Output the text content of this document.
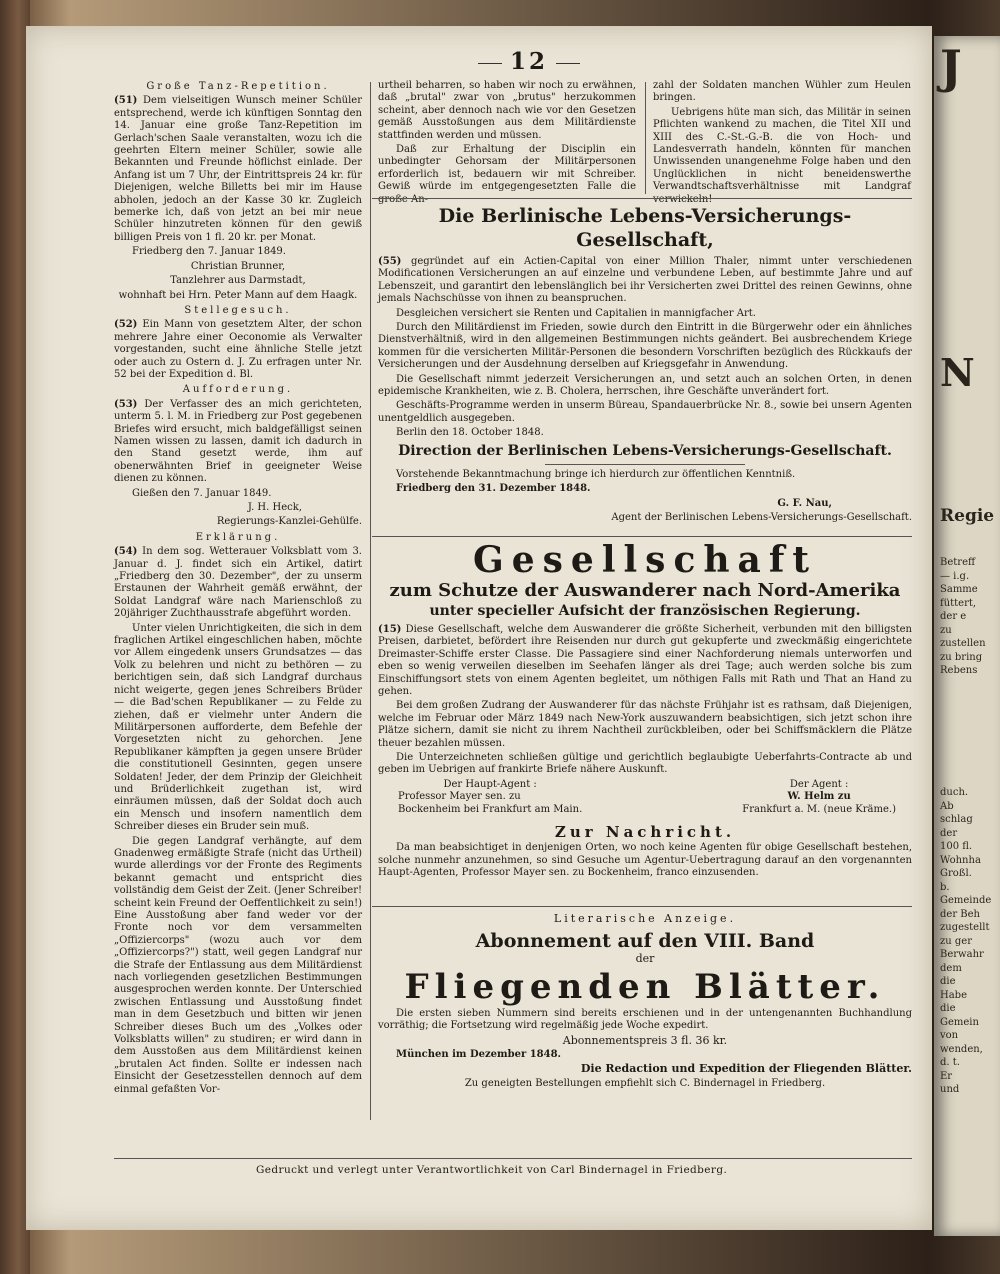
12

Große Tanz-Repetition.

(51) Dem vielseitigen Wunsch meiner Schüler entsprechend, werde ich künftigen Sonntag den 14. Januar eine große Tanz-Repetition im Gerlach'schen Saale veranstalten, wozu ich die geehrten Eltern meiner Schüler, sowie alle Bekannten und Freunde höflichst einlade. Der Anfang ist um 7 Uhr, der Eintrittspreis 24 kr. für Diejenigen, welche Billetts bei mir im Hause abholen, jedoch an der Kasse 30 kr. Zugleich bemerke ich, daß von jetzt an bei mir neue Schüler hinzutreten können für den gewiß billigen Preis von 1 fl. 20 kr. per Monat.

Friedberg den 7. Januar 1849.

Christian Brunner,

Tanzlehrer aus Darmstadt,

wohnhaft bei Hrn. Peter Mann auf dem Haagk.

Stellegesuch.

(52) Ein Mann von gesetztem Alter, der schon mehrere Jahre einer Oeconomie als Verwalter vorgestanden, sucht eine ähnliche Stelle jetzt oder auch zu Ostern d. J. Zu erfragen unter Nr. 52 bei der Expedition d. Bl.

Aufforderung.

(53) Der Verfasser des an mich gerichteten, unterm 5. l. M. in Friedberg zur Post gegebenen Briefes wird ersucht, mich baldgefälligst seinen Namen wissen zu lassen, damit ich dadurch in den Stand gesetzt werde, ihm auf obenerwähnten Brief in geeigneter Weise dienen zu können.

Gießen den 7. Januar 1849.

J. H. Heck,

Regierungs-Kanzlei-Gehülfe.

Erklärung.

(54) In dem sog. Wetterauer Volksblatt vom 3. Januar d. J. findet sich ein Artikel, datirt „Friedberg den 30. Dezember", der zu unserm Erstaunen der Wahrheit gemäß erwähnt, der Soldat Landgraf wäre nach Marienschloß zu 20jähriger Zuchthausstrafe abgeführt worden.

Unter vielen Unrichtigkeiten, die sich in dem fraglichen Artikel eingeschlichen haben, möchte vor Allem eingedenk unsers Grundsatzes — das Volk zu belehren und nicht zu bethören — zu berichtigen sein, daß sich Landgraf durchaus nicht weigerte, gegen jenes Schreibers Brüder — die Bad'schen Republikaner — zu Felde zu ziehen, daß er vielmehr unter Andern die Militärpersonen aufforderte, dem Befehle der Vorgesetzten nicht zu gehorchen. Jene Republikaner kämpften ja gegen unsere Brüder die constitutionell Gesinnten, gegen unsere Soldaten! Jeder, der dem Prinzip der Gleichheit und Brüderlichkeit zugethan ist, wird einräumen müssen, daß der Soldat doch auch ein Mensch und insofern namentlich dem Schreiber dieses ein Bruder sein muß.

Die gegen Landgraf verhängte, auf dem Gnadenweg ermäßigte Strafe (nicht das Urtheil) wurde allerdings vor der Fronte des Regiments bekannt gemacht und entspricht dies vollständig dem Geist der Zeit. (Jener Schreiber! scheint kein Freund der Oeffentlichkeit zu sein!) Eine Ausstoßung aber fand weder vor der Fronte noch vor dem versammelten „Offiziercorps" (wozu auch vor dem „Offiziercorps?") statt, weil gegen Landgraf nur die Strafe der Entlassung aus dem Militärdienst nach vorliegenden gesetzlichen Bestimmungen ausgesprochen werden konnte. Der Unterschied zwischen Entlassung und Ausstoßung findet man in dem Gesetzbuch und bitten wir jenen Schreiber dieses Buch um des „Volkes oder Volksblatts willen" zu studiren; er wird dann in dem Ausstoßen aus dem Militärdienst keinen „brutalen Act finden. Sollte er indessen nach Einsicht der Gesetzesstellen dennoch auf dem einmal gefaßten Vor-

urtheil beharren, so haben wir noch zu erwähnen, daß „brutal" zwar von „brutus" herzukommen scheint, aber dennoch nach wie vor den Gesetzen gemäß Ausstoßungen aus dem Militärdienste stattfinden werden und müssen.

Daß zur Erhaltung der Disciplin ein unbedingter Gehorsam der Militärpersonen erforderlich ist, bedauern wir mit Schreiber. Gewiß würde im entgegengesetzten Falle die große An-

zahl der Soldaten manchen Wühler zum Heulen bringen.

Uebrigens hüte man sich, das Militär in seinen Pflichten wankend zu machen, die Titel XII und XIII des C.-St.-G.-B. die von Hoch- und Landesverrath handeln, könnten für manchen Unwissenden unangenehme Folge haben und den Unglücklichen in nicht beneidenswerthe Verwandtschaftsverhältnisse mit Landgraf verwickeln!

Die Berlinische Lebens-Versicherungs-Gesellschaft,

(55) gegründet auf ein Actien-Capital von einer Million Thaler, nimmt unter verschiedenen Modificationen Versicherungen an auf einzelne und verbundene Leben, auf bestimmte Jahre und auf Lebenszeit, und garantirt den lebenslänglich bei ihr Versicherten zwei Drittel des reinen Gewinns, ohne jemals Nachschüsse von ihnen zu beanspruchen.

Desgleichen versichert sie Renten und Capitalien in mannigfacher Art.

Durch den Militärdienst im Frieden, sowie durch den Eintritt in die Bürgerwehr oder ein ähnliches Dienstverhältniß, wird in den allgemeinen Bestimmungen nichts geändert. Bei ausbrechendem Kriege kommen für die versicherten Militär-Personen die besondern Vorschriften bezüglich des Rückkaufs der Versicherungen und der Ausdehnung derselben auf Kriegsgefahr in Anwendung.

Die Gesellschaft nimmt jederzeit Versicherungen an, und setzt auch an solchen Orten, in denen epidemische Krankheiten, wie z. B. Cholera, herrschen, ihre Geschäfte unverändert fort.

Geschäfts-Programme werden in unserm Büreau, Spandauerbrücke Nr. 8., sowie bei unsern Agenten unentgeldlich ausgegeben.

Berlin den 18. October 1848.

Direction der Berlinischen Lebens-Versicherungs-Gesellschaft.

Vorstehende Bekanntmachung bringe ich hierdurch zur öffentlichen Kenntniß.

Friedberg den 31. Dezember 1848.

G. F. Nau,

Agent der Berlinischen Lebens-Versicherungs-Gesellschaft.

Gesellschaft
zum Schutze der Auswanderer nach Nord-Amerika
unter specieller Aufsicht der französischen Regierung.

(15) Diese Gesellschaft, welche dem Auswanderer die größte Sicherheit, verbunden mit den billigsten Preisen, darbietet, befördert ihre Reisenden nur durch gut gekupferte und zweckmäßig eingerichtete Dreimaster-Schiffe erster Classe. Die Passagiere sind einer Nachforderung niemals unterworfen und eben so wenig verweilen dieselben im Seehafen länger als drei Tage; auch werden solche bis zum Einschiffungsort stets von einem Agenten begleitet, um nöthigen Falls mit Rath und That an Hand zu gehen.

Bei dem großen Zudrang der Auswanderer für das nächste Frühjahr ist es rathsam, daß Diejenigen, welche im Februar oder März 1849 nach New-York auszuwandern beabsichtigen, sich jetzt schon ihre Plätze sichern, damit sie nicht zu ihrem Nachtheil zurückbleiben, oder bei Schiffsmäcklern die Plätze theuer bezahlen müssen.

Die Unterzeichneten schließen gültige und gerichtlich beglaubigte Ueberfahrts-Contracte ab und geben im Uebrigen auf frankirte Briefe nähere Auskunft.

Der Haupt-Agent :
Professor Mayer sen. zu
Bockenheim bei Frankfurt am Main.
Der Agent :
W. Helm zu
Frankfurt a. M. (neue Kräme.)
Zur Nachricht.

Da man beabsichtiget in denjenigen Orten, wo noch keine Agenten für obige Gesellschaft bestehen, solche nunmehr anzunehmen, so sind Gesuche um Agentur-Uebertragung darauf an den vorgenannten Haupt-Agenten, Professor Mayer sen. zu Bockenheim, franco einzusenden.

Literarische Anzeige.

Abonnement auf den VIII. Band
der
Fliegenden Blätter.

Die ersten sieben Nummern sind bereits erschienen und in der untengenannten Buchhandlung vorräthig; die Fortsetzung wird regelmäßig jede Woche expedirt.

Abonnementspreis 3 fl. 36 kr.

München im Dezember 1848.

Die Redaction und Expedition der Fliegenden Blätter.

Zu geneigten Bestellungen empfiehlt sich C. Bindernagel in Friedberg.

Gedruckt und verlegt unter Verantwortlichkeit von Carl Bindernagel in Friedberg.
J
N
Regie
Betreff
— i.g.
Samme
füttert,
der e
zu
zustellen
zu bring
Rebens
duch.
Ab
schlag
der
100 fl.
Wohnha
Großl.
b.
Gemeinde
der Beh
zugestellt
zu ger
Berwahr
dem
die
Habe
die
Gemein
von
wenden,
d. t.
Er
und
